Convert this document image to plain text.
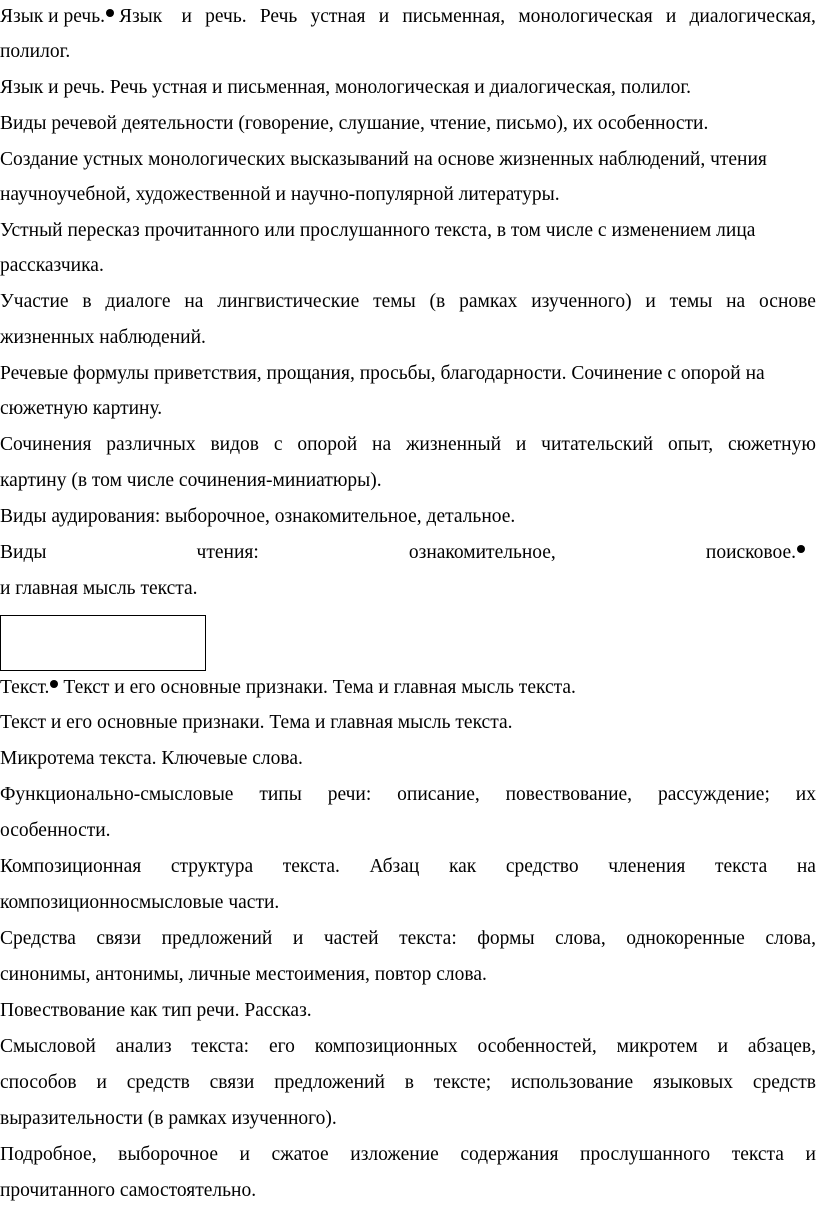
Язык и речь. Язык и речь. Речь устная и письменная, монологическая и диалогическая,
полилог.
Язык и речь. Речь устная и письменная, монологическая и диалогическая, полилог.
Виды речевой деятельности (говорение, слушание, чтение, письмо), их особенности.
Создание устных монологических высказываний на основе жизненных наблюдений, чтения
научноучебной, художественной и научно-популярной литературы.
Устный пересказ прочитанного или прослушанного текста, в том числе с изменением лица
рассказчика.
Участие в диалоге на лингвистические темы (в рамках изученного) и темы на основе
жизненных наблюдений.
Речевые формулы приветствия, прощания, просьбы, благодарности. Сочинение с опорой на
сюжетную картину.
Сочинения различных видов с опорой на жизненный и читательский опыт, сюжетную
картину (в том числе сочинения-миниатюры).
Виды аудирования: выборочное, ознакомительное, детальное.
Виды	чтения:	ознакомительное,	поисковое.
и главная мысль текста.
Текст. Текст и его основные признаки. Тема и главная мысль текста.
Текст и его основные признаки. Тема и главная мысль текста.
Микротема текста. Ключевые слова.
Функционально-смысловые типы речи: описание, повествование, рассуждение; их
особенности.
Композиционная структура текста. Абзац как средство членения текста на
композиционносмысловые части.
Средства связи предложений и частей текста: формы слова, однокоренные слова,
синонимы, антонимы, личные местоимения, повтор слова.
Повествование как тип речи. Рассказ.
Смысловой анализ текста: его композиционных особенностей, микротем и абзацев,
способов и средств связи предложений в тексте; использование языковых средств
выразительности (в рамках изученного).
Подробное, выборочное и сжатое изложение содержания прослушанного текста и
прочитанного самостоятельно.
